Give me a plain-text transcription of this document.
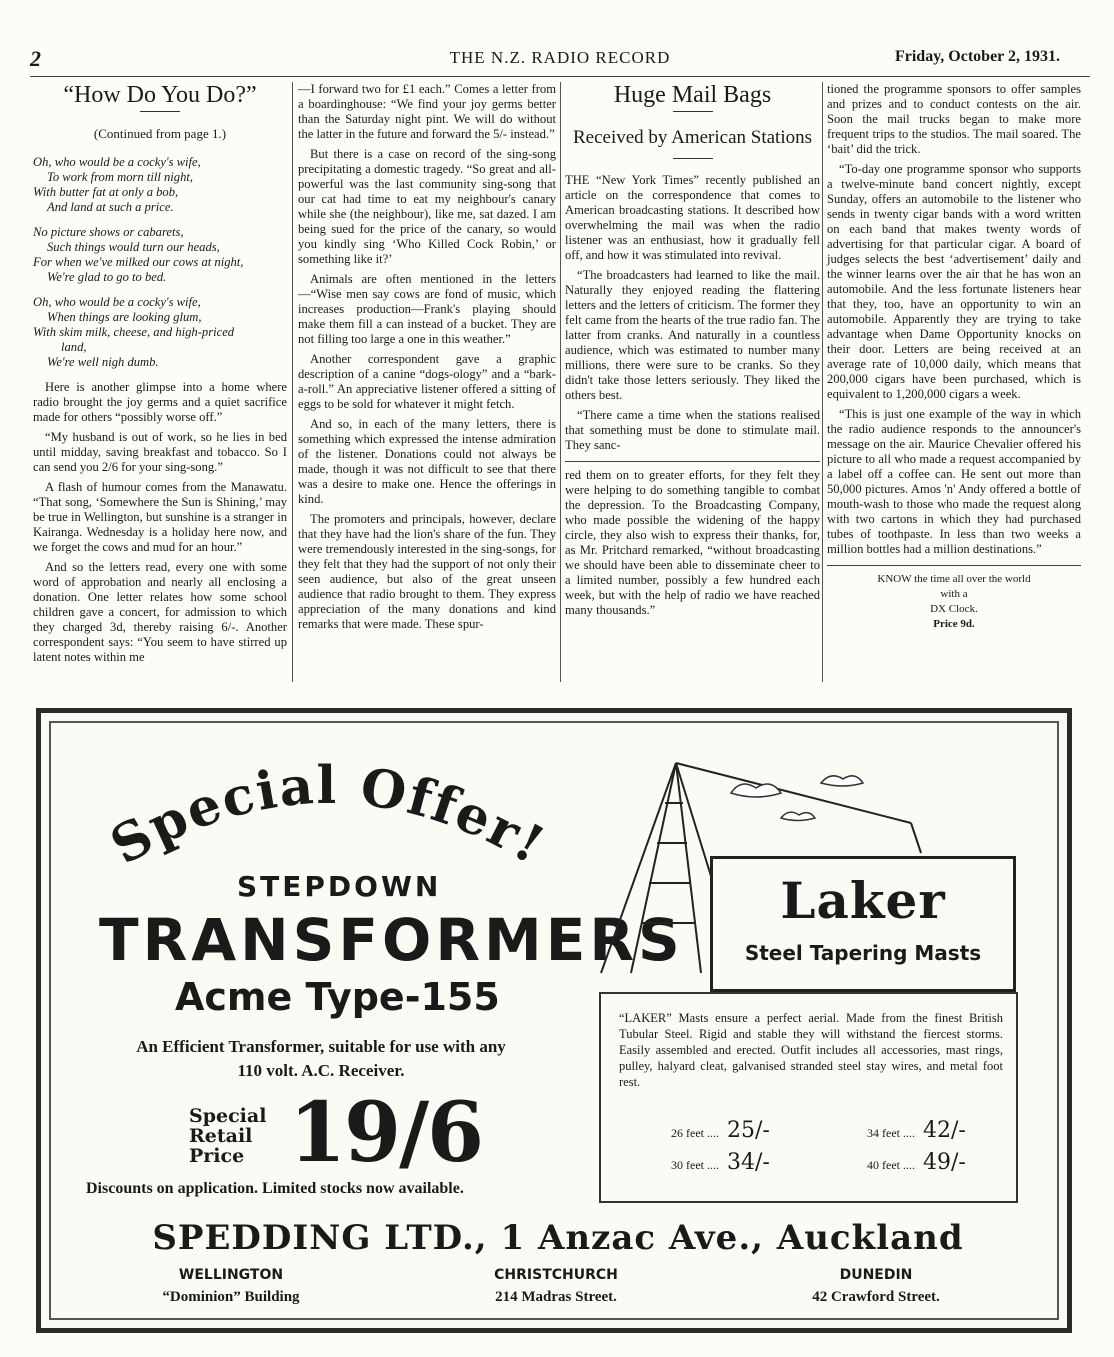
2	THE N.Z. RADIO RECORD	Friday, October 2, 1931.
“How Do You Do?”
(Continued from page 1.)
Oh, who would be a cocky's wife,
To work from morn till night,
With butter fat at only a bob,
And land at such a price.
No picture shows or cabarets,
Such things would turn our heads,
For when we've milked our cows at night,
We're glad to go to bed.
Oh, who would be a cocky's wife,
When things are looking glum,
With skim milk, cheese, and high-priced
land,
We're well nigh dumb.

Here is another glimpse into a home where radio brought the joy germs and a quiet sacrifice made for others “possibly worse off.”

“My husband is out of work, so he lies in bed until midday, saving breakfast and tobacco. So I can send you 2/6 for your sing-song.”

A flash of humour comes from the Manawatu. “That song, ‘Somewhere the Sun is Shining,’ may be true in Wellington, but sunshine is a stranger in Kairanga. Wednesday is a holiday here now, and we forget the cows and mud for an hour.”

And so the letters read, every one with some word of approbation and nearly all enclosing a donation. One letter relates how some school children gave a concert, for admission to which they charged 3d, thereby raising 6/-. Another correspondent says: “You seem to have stirred up latent notes within me

—I forward two for £1 each.” Comes a letter from a boardinghouse: “We find your joy germs better than the Saturday night pint. We will do without the latter in the future and forward the 5/- instead.”

But there is a case on record of the sing-song precipitating a domestic tragedy. “So great and all-powerful was the last community sing-song that our cat had time to eat my neighbour's canary while she (the neighbour), like me, sat dazed. I am being sued for the price of the canary, so would you kindly sing ‘Who Killed Cock Robin,’ or something like it?’

Animals are often mentioned in the letters—“Wise men say cows are fond of music, which increases production—Frank's playing should make them fill a can instead of a bucket. They are not filling too large a one in this weather.”

Another correspondent gave a graphic description of a canine “dogs-ology” and a “bark-a-roll.” An appreciative listener offered a sitting of eggs to be sold for whatever it might fetch.

And so, in each of the many letters, there is something which expressed the intense admiration of the listener. Donations could not always be made, though it was not difficult to see that there was a desire to make one. Hence the offerings in kind.

The promoters and principals, however, declare that they have had the lion's share of the fun. They were tremendously interested in the sing-songs, for they felt that they had the support of not only their seen audience, but also of the great unseen audience that radio brought to them. They express appreciation of the many donations and kind remarks that were made. These spur-

Huge Mail Bags
Received by American Stations

THE “New York Times” recently published an article on the correspondence that comes to American broadcasting stations. It described how overwhelming the mail was when the radio listener was an enthusiast, how it gradually fell off, and how it was stimulated into revival.

“The broadcasters had learned to like the mail. Naturally they enjoyed reading the flattering letters and the letters of criticism. The former they felt came from the hearts of the true radio fan. The latter from cranks. And naturally in a countless audience, which was estimated to number many millions, there were sure to be cranks. So they didn't take those letters seriously. They liked the others best.

“There came a time when the stations realised that something must be done to stimulate mail. They sanc-

red them on to greater efforts, for they felt they were helping to do something tangible to combat the depression. To the Broadcasting Company, who made possible the widening of the happy circle, they also wish to express their thanks, for, as Mr. Pritchard remarked, “without broadcasting we should have been able to disseminate cheer to a limited number, possibly a few hundred each week, but with the help of radio we have reached many thousands.”

tioned the programme sponsors to offer samples and prizes and to conduct contests on the air. Soon the mail trucks began to make more frequent trips to the studios. The mail soared. The ‘bait’ did the trick.

“To-day one programme sponsor who supports a twelve-minute band concert nightly, except Sunday, offers an automobile to the listener who sends in twenty cigar bands with a word written on each band that makes twenty words of advertising for that particular cigar. A board of judges selects the best ‘advertisement’ daily and the winner learns over the air that he has won an automobile. And the less fortunate listeners hear that they, too, have an opportunity to win an automobile. Apparently they are trying to take advantage when Dame Opportunity knocks on their door. Letters are being received at an average rate of 10,000 daily, which means that 200,000 cigars have been purchased, which is equivalent to 1,200,000 cigars a week.

“This is just one example of the way in which the radio audience responds to the announcer's message on the air. Maurice Chevalier offered his picture to all who made a request accompanied by a label off a coffee can. He sent out more than 50,000 pictures. Amos 'n' Andy offered a bottle of mouth-wash to those who made the request along with two cartons in which they had purchased tubes of toothpaste. In less than two weeks a million bottles had a million destinations.”

KNOW the time all over the world
with a
DX Clock.
Price 9d.
Special Offer!
STEPDOWN
TRANSFORMERS
Acme Type-155
An Efficient Transformer, suitable for use with any
110 volt. A.C. Receiver.
Special
Retail
Price 19/6
Discounts on application. Limited stocks now available.
Laker
Steel Tapering Masts
“LAKER” Masts ensure a perfect aerial. Made from the finest British Tubular Steel. Rigid and stable they will withstand the fiercest storms. Easily assembled and erected. Outfit includes all accessories, mast rings, pulley, halyard cleat, galvanised stranded steel stay wires, and metal foot rest.
26 feet .... 25/-	34 feet .... 42/-
30 feet .... 34/-	40 feet .... 49/-
SPEDDING LTD., 1 Anzac Ave., Auckland
WELLINGTON
“Dominion” Building
CHRISTCHURCH
214 Madras Street.
DUNEDIN
42 Crawford Street.
